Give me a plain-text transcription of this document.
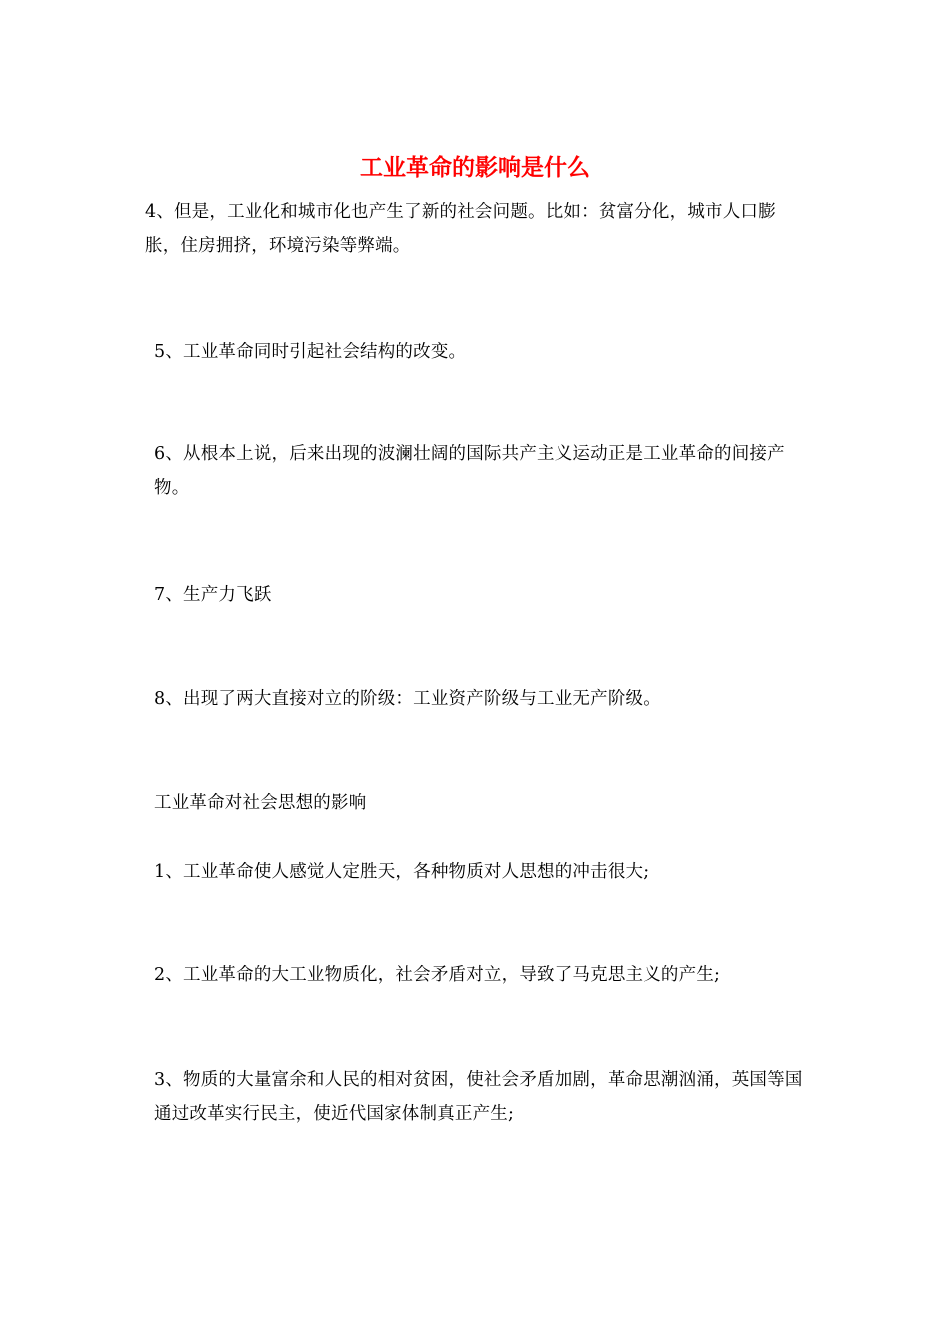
工业革命的影响是什么

4、但是，工业化和城市化也产生了新的社会问题。比如：贫富分化，城市人口膨胀，住房拥挤，环境污染等弊端。

5、工业革命同时引起社会结构的改变。

6、从根本上说，后来出现的波澜壮阔的国际共产主义运动正是工业革命的间接产物。

7、生产力飞跃

8、出现了两大直接对立的阶级：工业资产阶级与工业无产阶级。

工业革命对社会思想的影响

1、工业革命使人感觉人定胜天，各种物质对人思想的冲击很大;

2、工业革命的大工业物质化，社会矛盾对立，导致了马克思主义的产生;

3、物质的大量富余和人民的相对贫困，使社会矛盾加剧，革命思潮汹涌，英国等国通过改革实行民主，使近代国家体制真正产生;
